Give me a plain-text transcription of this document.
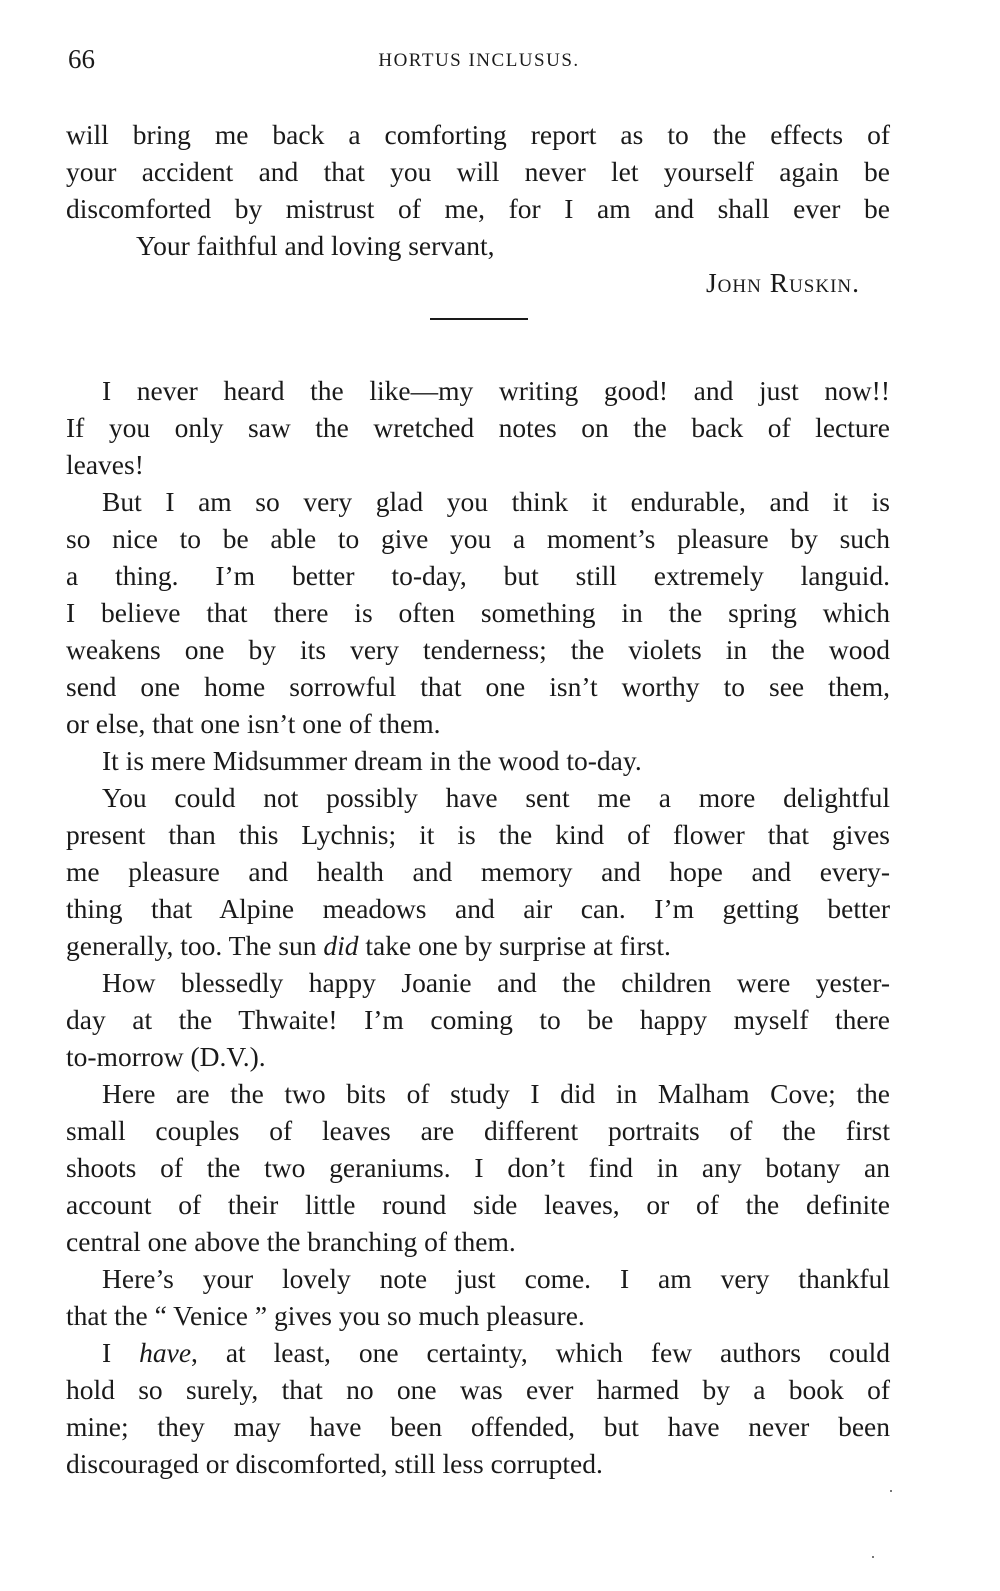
66	HORTUS INCLUSUS.
will bring me back a comforting report as to the effects of
your accident and that you will never let yourself again be
discomforted by mistrust of me, for I am and shall ever be
Your faithful and loving servant,
John Ruskin.
I never heard the like—my writing good! and just now!!
If you only saw the wretched notes on the back of lecture
leaves!
But I am so very glad you think it endurable, and it is
so nice to be able to give you a moment’s pleasure by such
a thing. I’m better to-day, but still extremely languid.
I believe that there is often something in the spring which
weakens one by its very tenderness; the violets in the wood
send one home sorrowful that one isn’t worthy to see them,
or else, that one isn’t one of them.
It is mere Midsummer dream in the wood to-day.
You could not possibly have sent me a more delightful
present than this Lychnis; it is the kind of flower that gives
me pleasure and health and memory and hope and every-
thing that Alpine meadows and air can. I’m getting better
generally, too. The sun did take one by surprise at first.
How blessedly happy Joanie and the children were yester-
day at the Thwaite! I’m coming to be happy myself there
to-morrow (D.V.).
Here are the two bits of study I did in Malham Cove; the
small couples of leaves are different portraits of the first
shoots of the two geraniums. I don’t find in any botany an
account of their little round side leaves, or of the definite
central one above the branching of them.
Here’s your lovely note just come. I am very thankful
that the “ Venice ” gives you so much pleasure.
I have, at least, one certainty, which few authors could
hold so surely, that no one was ever harmed by a book of
mine; they may have been offended, but have never been
discouraged or discomforted, still less corrupted.
